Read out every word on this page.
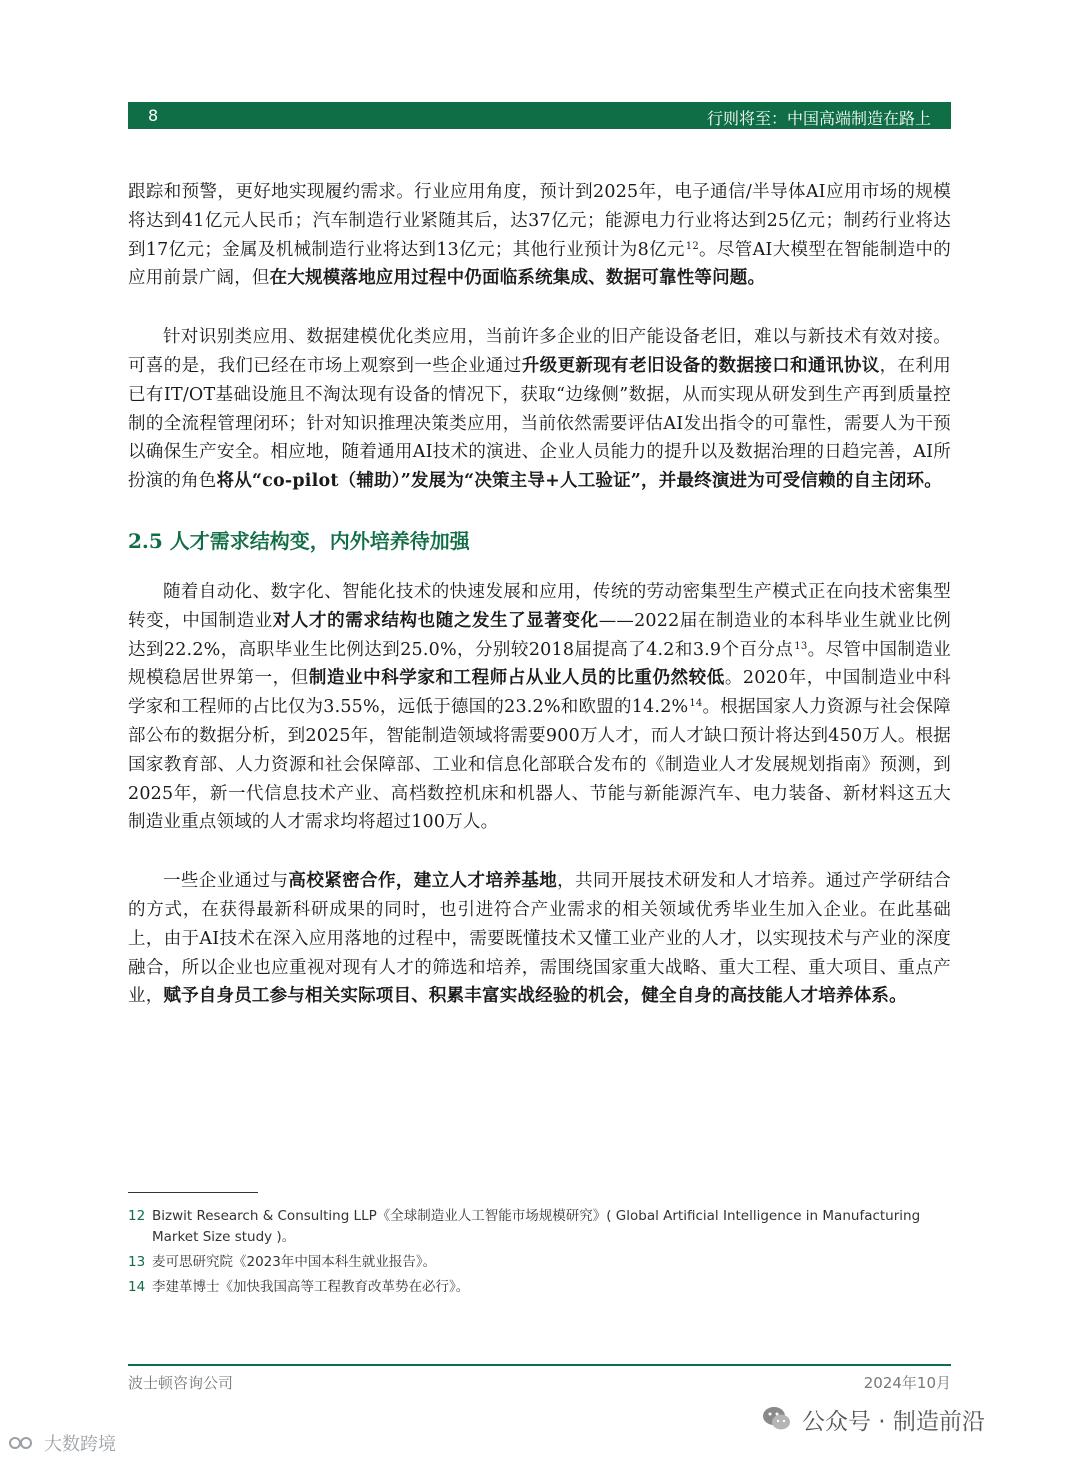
8	行则将至：中国高端制造在路上

跟踪和预警，更好地实现履约需求。行业应用角度，预计到2025年，电子通信/半导体AI应用市场的规模将达到41亿元人民币；汽车制造行业紧随其后，达37亿元；能源电力行业将达到25亿元；制药行业将达到17亿元；金属及机械制造行业将达到13亿元；其他行业预计为8亿元$^{12}$。尽管AI大模型在智能制造中的应用前景广阔，但在大规模落地应用过程中仍面临系统集成、数据可靠性等问题。

针对识别类应用、数据建模优化类应用，当前许多企业的旧产能设备老旧，难以与新技术有效对接。可喜的是，我们已经在市场上观察到一些企业通过升级更新现有老旧设备的数据接口和通讯协议，在利用已有IT/OT基础设施且不淘汰现有设备的情况下，获取“边缘侧”数据，从而实现从研发到生产再到质量控制的全流程管理闭环；针对知识推理决策类应用，当前依然需要评估AI发出指令的可靠性，需要人为干预以确保生产安全。相应地，随着通用AI技术的演进、企业人员能力的提升以及数据治理的日趋完善，AI所扮演的角色将从“co-pilot（辅助）”发展为“决策主导+人工验证”，并最终演进为可受信赖的自主闭环。

2.5 人才需求结构变，内外培养待加强

随着自动化、数字化、智能化技术的快速发展和应用，传统的劳动密集型生产模式正在向技术密集型转变，中国制造业对人才的需求结构也随之发生了显著变化——2022届在制造业的本科毕业生就业比例达到22.2%，高职毕业生比例达到25.0%，分别较2018届提高了4.2和3.9个百分点$^{13}$。尽管中国制造业规模稳居世界第一，但制造业中科学家和工程师占从业人员的比重仍然较低。2020年，中国制造业中科学家和工程师的占比仅为3.55%，远低于德国的23.2%和欧盟的14.2%$^{14}$。根据国家人力资源与社会保障部公布的数据分析，到2025年，智能制造领域将需要900万人才，而人才缺口预计将达到450万人。根据国家教育部、人力资源和社会保障部、工业和信息化部联合发布的《制造业人才发展规划指南》预测，到2025年，新一代信息技术产业、高档数控机床和机器人、节能与新能源汽车、电力装备、新材料这五大制造业重点领域的人才需求均将超过100万人。

一些企业通过与高校紧密合作，建立人才培养基地，共同开展技术研发和人才培养。通过产学研结合的方式，在获得最新科研成果的同时，也引进符合产业需求的相关领域优秀毕业生加入企业。在此基础上，由于AI技术在深入应用落地的过程中，需要既懂技术又懂工业产业的人才，以实现技术与产业的深度融合，所以企业也应重视对现有人才的筛选和培养，需围绕国家重大战略、重大工程、重大项目、重点产业，赋予自身员工参与相关实际项目、积累丰富实战经验的机会，健全自身的高技能人才培养体系。

12 Bizwit Research & Consulting LLP《全球制造业人工智能市场规模研究》( Global Artificial Intelligence in Manufacturing Market Size study )。
13 麦可思研究院《2023年中国本科生就业报告》。
14 李建革博士《加快我国高等工程教育改革势在必行》。
波士顿咨询公司	2024年10月
大数跨境
公众号 · 制造前沿
